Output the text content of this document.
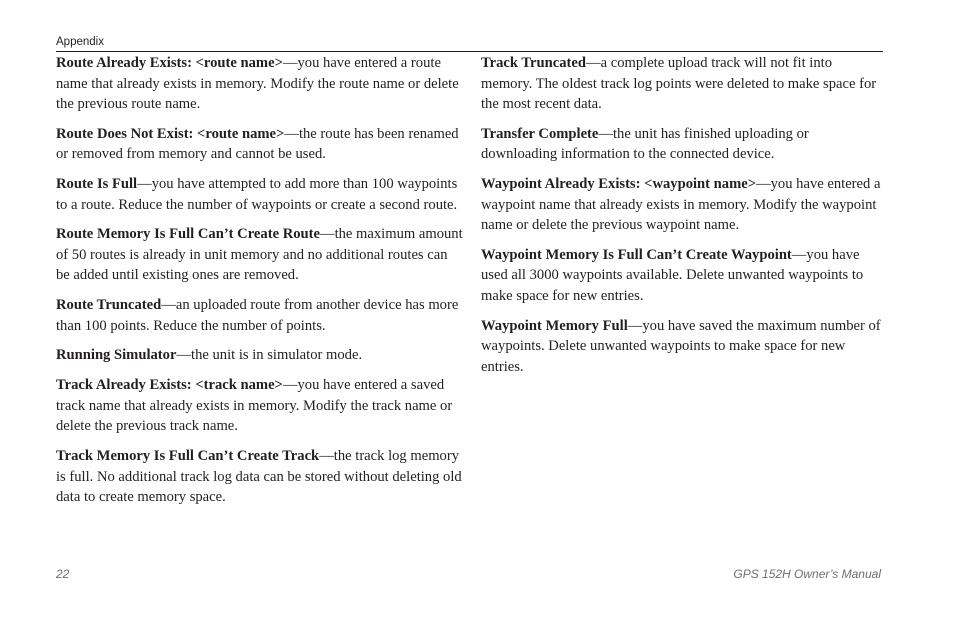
Appendix

Route Already Exists: <route name>—you have entered a route name that already exists in memory. Modify the route name or delete the previous route name.

Route Does Not Exist: <route name>—the route has been renamed or removed from memory and cannot be used.

Route Is Full—you have attempted to add more than 100 waypoints to a route. Reduce the number of waypoints or create a second route.

Route Memory Is Full Can’t Create Route—the maximum amount of 50 routes is already in unit memory and no additional routes can be added until existing ones are removed.

Route Truncated—an uploaded route from another device has more than 100 points. Reduce the number of points.

Running Simulator—the unit is in simulator mode.

Track Already Exists: <track name>—you have entered a saved track name that already exists in memory. Modify the track name or delete the previous track name.

Track Memory Is Full Can’t Create Track—the track log memory is full. No additional track log data can be stored without deleting old data to create memory space.

Track Truncated—a complete upload track will not fit into memory. The oldest track log points were deleted to make space for the most recent data.

Transfer Complete—the unit has finished uploading or downloading information to the connected device.

Waypoint Already Exists: <waypoint name>—you have entered a waypoint name that already exists in memory. Modify the waypoint name or delete the previous waypoint name.

Waypoint Memory Is Full Can’t Create Waypoint—you have used all 3000 waypoints available. Delete unwanted waypoints to make space for new entries.

Waypoint Memory Full—you have saved the maximum number of waypoints. Delete unwanted waypoints to make space for new entries.

22	GPS 152H Owner’s Manual
